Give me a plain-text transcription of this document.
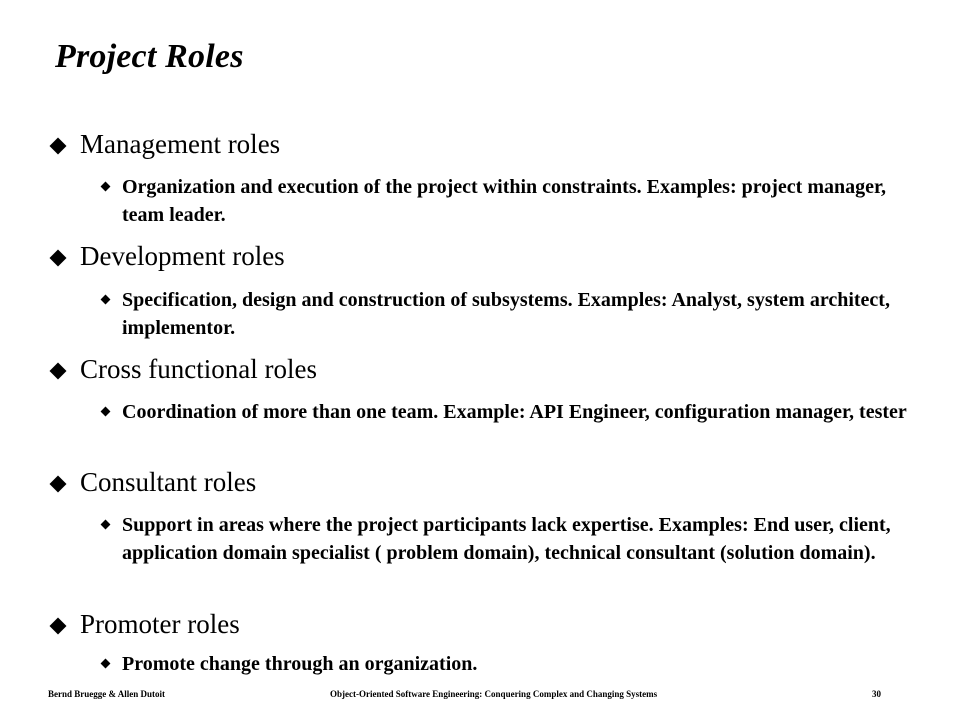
Project Roles
Management roles
Organization and execution of the project within constraints. Examples: project manager, team leader.
Development roles
Specification, design and construction of subsystems. Examples: Analyst, system architect, implementor.
Cross functional roles
Coordination of more than one team. Example: API Engineer, configuration manager, tester
Consultant roles
Support in areas where the project participants lack expertise. Examples: End user, client, application domain specialist ( problem domain), technical consultant (solution domain).
Promoter roles
Promote change through an organization.
Bernd Bruegge & Allen Dutoit	Object-Oriented Software Engineering: Conquering Complex and Changing Systems	30
